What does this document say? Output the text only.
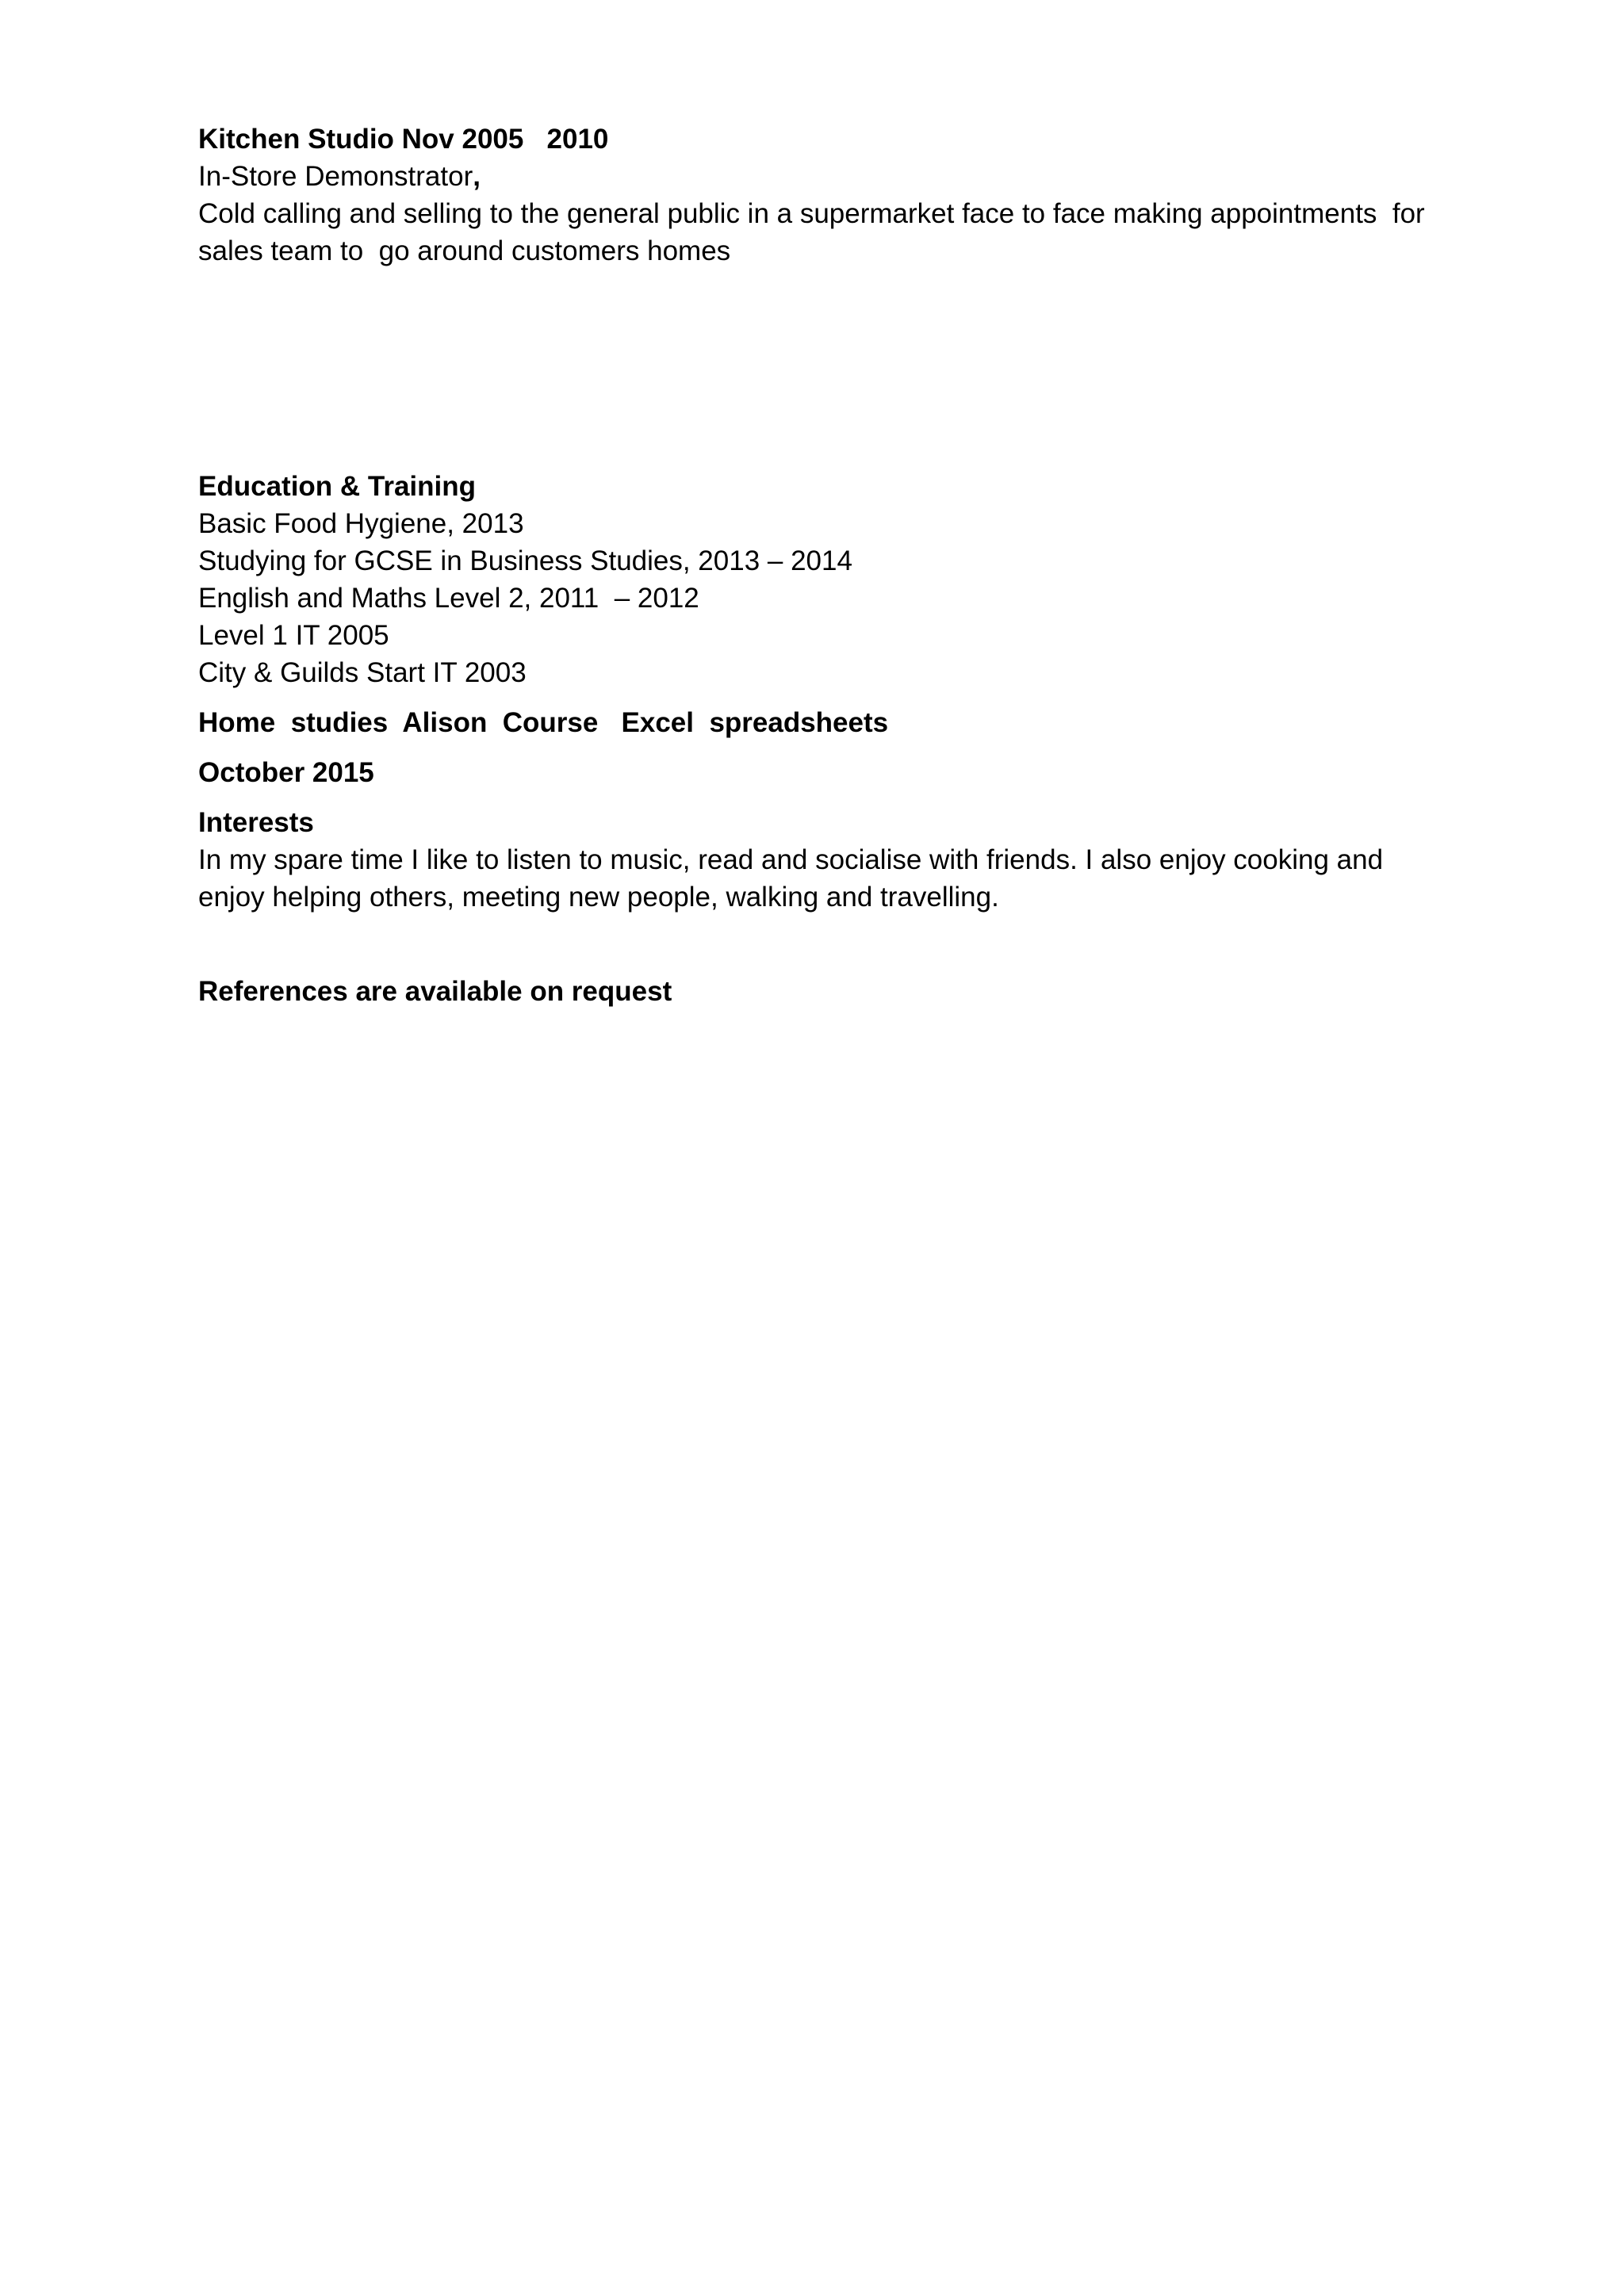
Kitchen Studio Nov 2005   2010
In-Store Demonstrator,
Cold calling and selling to the general public in a supermarket face to face making appointments  for
sales team to  go around customers homes
Education & Training
Basic Food Hygiene, 2013
Studying for GCSE in Business Studies, 2013 – 2014
English and Maths Level 2, 2011  – 2012
Level 1 IT 2005
City & Guilds Start IT 2003
Home  studies  Alison  Course   Excel  spreadsheets
October 2015
Interests
In my spare time I like to listen to music, read and socialise with friends. I also enjoy cooking and
enjoy helping others, meeting new people, walking and travelling.
References are available on request
